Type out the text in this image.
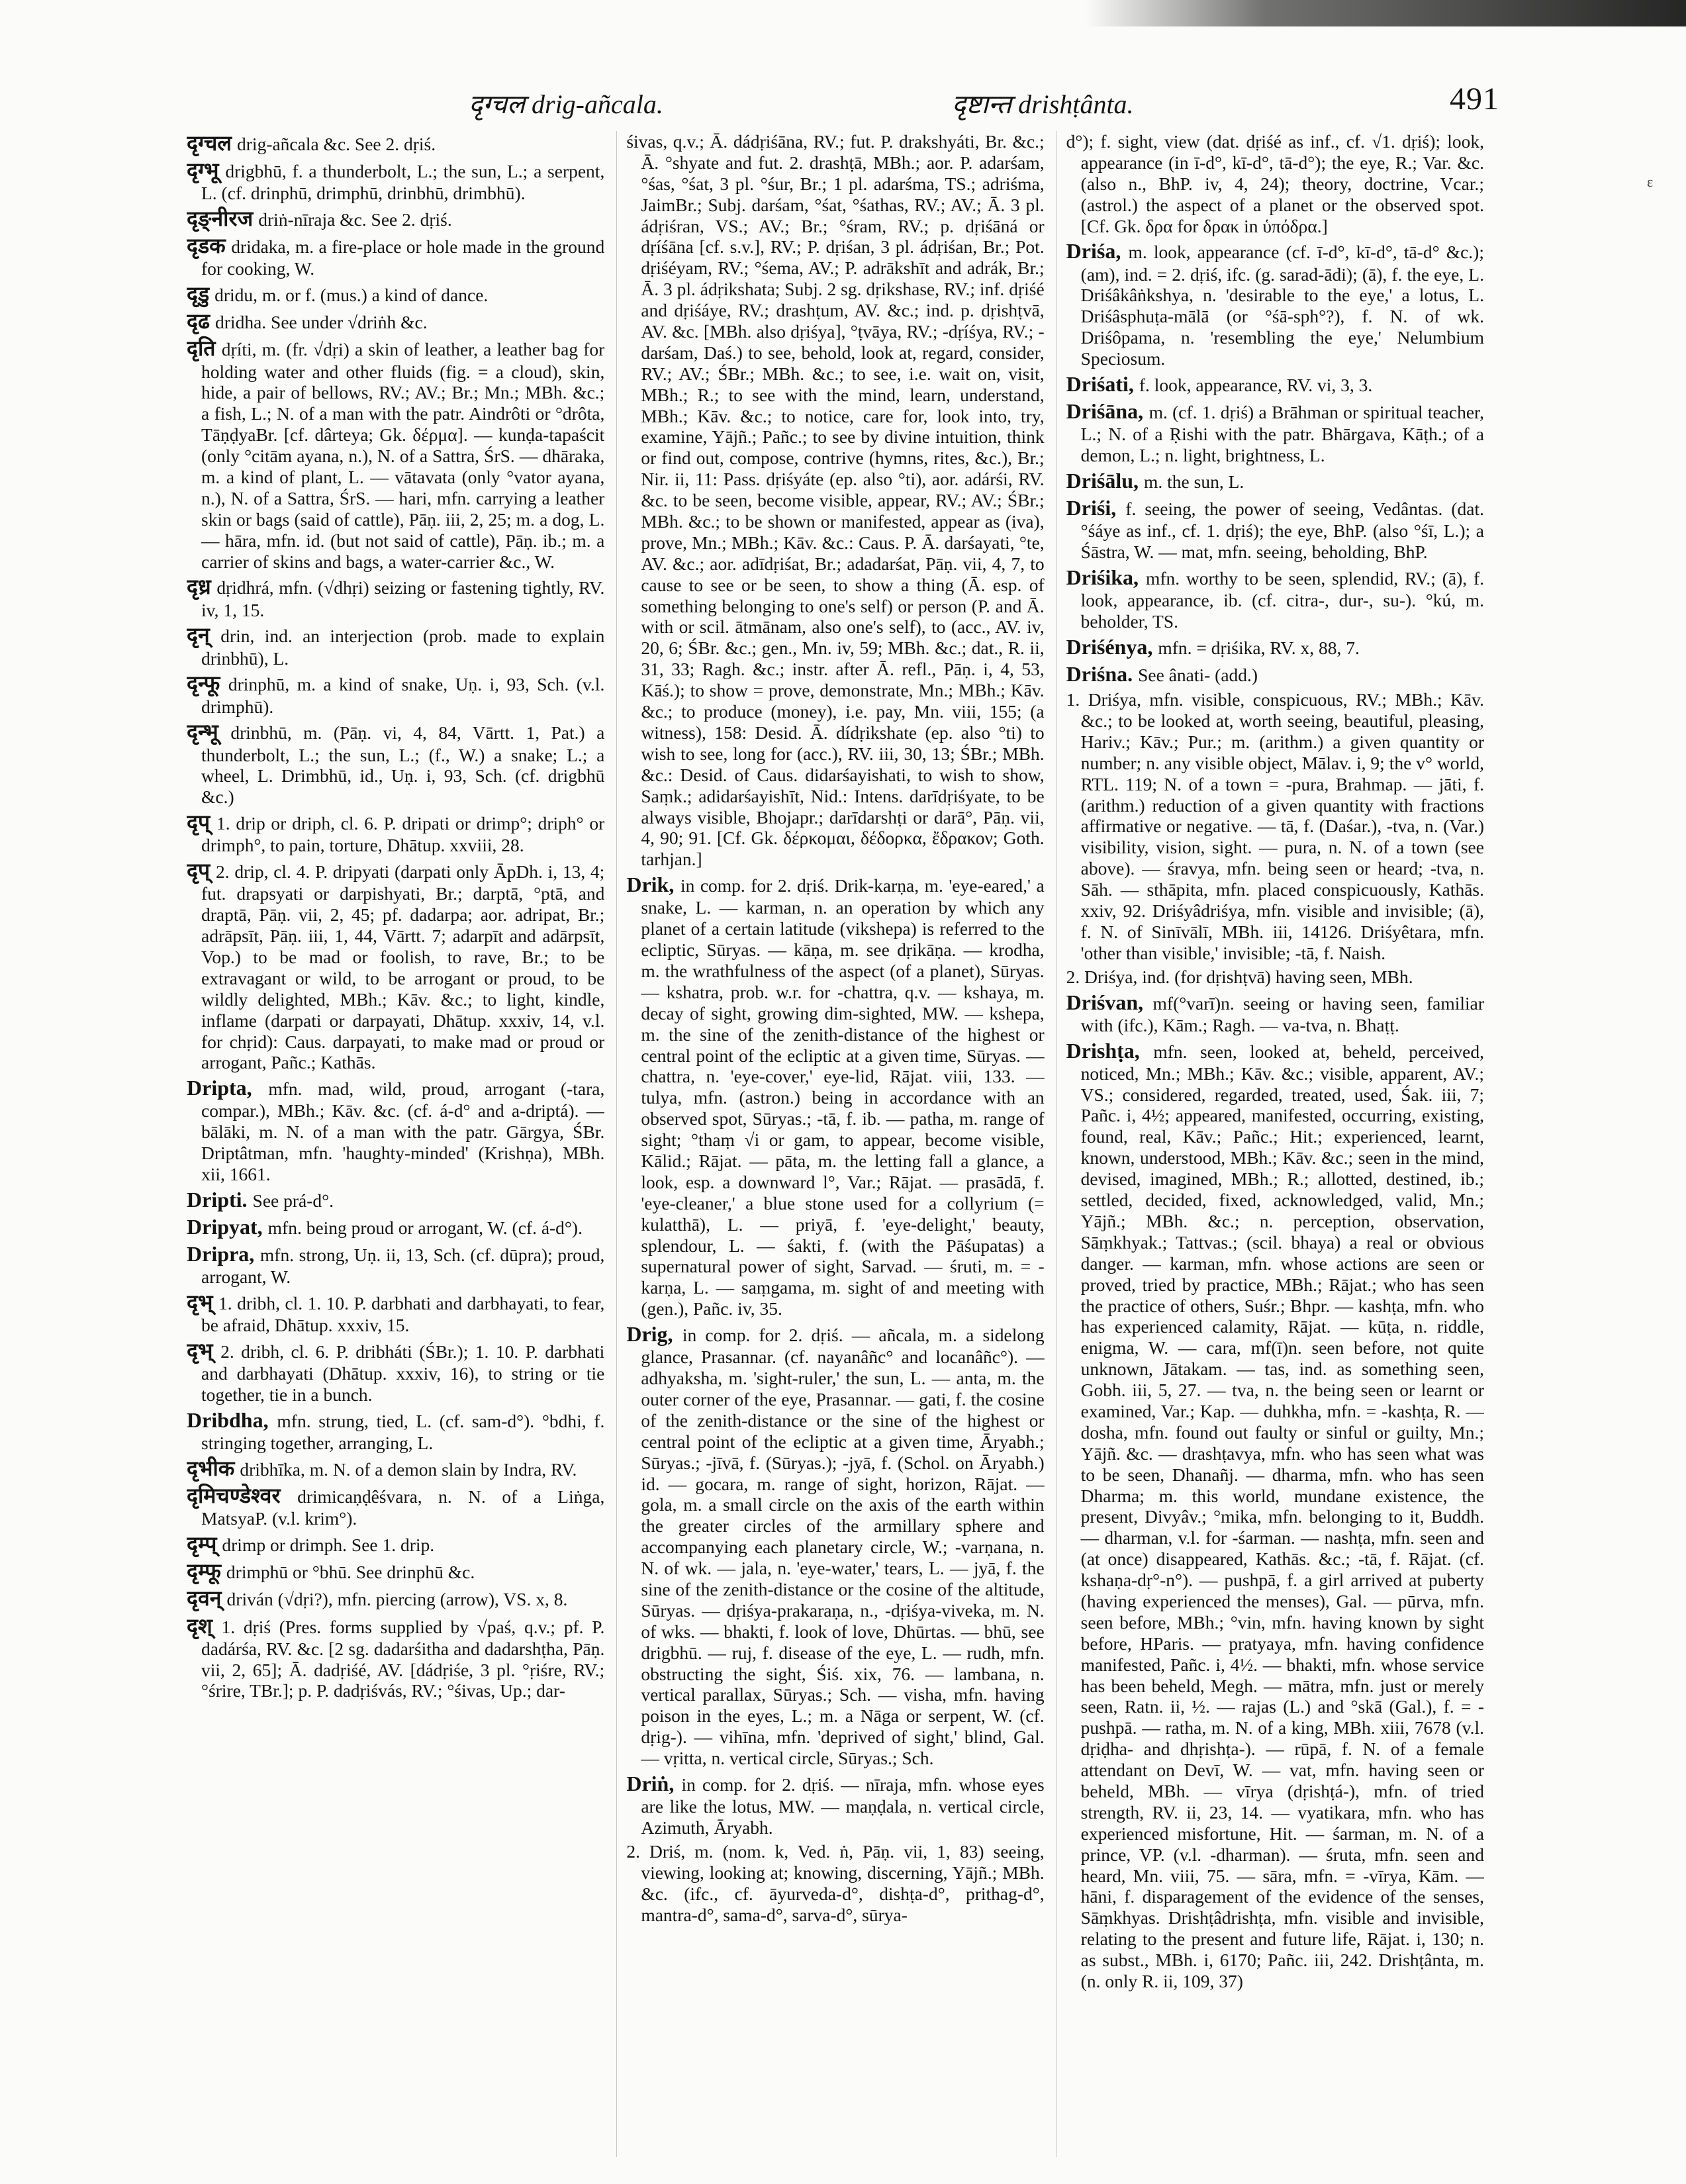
ɛ
दृग्चल drig-añcala.	दृष्टान्त drishṭânta.	491

दृग्चल drig-añcala &c. See 2. dṛiś.

दृग्भू drigbhū, f. a thunderbolt, L.; the sun, L.; a serpent, L. (cf. drinphū, drimphū, drinbhū, drimbhū).

दृङ्नीरज driṅ-nīraja &c. See 2. dṛiś.

दृडक dridaka, m. a fire-place or hole made in the ground for cooking, W.

दृडु dridu, m. or f. (mus.) a kind of dance.

दृढ dridha. See under √driṅh &c.

दृति dṛíti, m. (fr. √dṛi) a skin of leather, a leather bag for holding water and other fluids (fig. = a cloud), skin, hide, a pair of bellows, RV.; AV.; Br.; Mn.; MBh. &c.; a fish, L.; N. of a man with the patr. Aindrôti or °drôta, TāṇḍyaBr. [cf. dârteya; Gk. δέρμα]. — kunḍa-tapaścit (only °citām ayana, n.), N. of a Sattra, ŚrS. — dhāraka, m. a kind of plant, L. — vātavata (only °vator ayana, n.), N. of a Sattra, ŚrS. — hari, mfn. carrying a leather skin or bags (said of cattle), Pāṇ. iii, 2, 25; m. a dog, L. — hāra, mfn. id. (but not said of cattle), Pāṇ. ib.; m. a carrier of skins and bags, a water-carrier &c., W.

दृध्र dṛidhrá, mfn. (√dhṛi) seizing or fastening tightly, RV. iv, 1, 15.

दृन् drin, ind. an interjection (prob. made to explain drinbhū), L.

दृन्फू drinphū, m. a kind of snake, Uṇ. i, 93, Sch. (v.l. drimphū).

दृन्भू drinbhū, m. (Pāṇ. vi, 4, 84, Vārtt. 1, Pat.) a thunderbolt, L.; the sun, L.; (f., W.) a snake; L.; a wheel, L. Drimbhū, id., Uṇ. i, 93, Sch. (cf. drigbhū &c.)

दृप् 1. drip or driph, cl. 6. P. dripati or drimp°; driph° or drimph°, to pain, torture, Dhātup. xxviii, 28.

दृप् 2. drip, cl. 4. P. dripyati (darpati only ĀpDh. i, 13, 4; fut. drapsyati or darpishyati, Br.; darptā, °ptā, and draptā, Pāṇ. vii, 2, 45; pf. dadarpa; aor. adripat, Br.; adrāpsīt, Pāṇ. iii, 1, 44, Vārtt. 7; adarpīt and adārpsīt, Vop.) to be mad or foolish, to rave, Br.; to be extravagant or wild, to be arrogant or proud, to be wildly delighted, MBh.; Kāv. &c.; to light, kindle, inflame (darpati or darpayati, Dhātup. xxxiv, 14, v.l. for chṛid): Caus. darpayati, to make mad or proud or arrogant, Pañc.; Kathās.

Dripta, mfn. mad, wild, proud, arrogant (-tara, compar.), MBh.; Kāv. &c. (cf. á-d° and a-driptá). — bālāki, m. N. of a man with the patr. Gārgya, ŚBr. Driptâtman, mfn. 'haughty-minded' (Krishṇa), MBh. xii, 1661.

Dripti. See prá-d°.

Dripyat, mfn. being proud or arrogant, W. (cf. á-d°).

Dripra, mfn. strong, Uṇ. ii, 13, Sch. (cf. dūpra); proud, arrogant, W.

दृभ् 1. dribh, cl. 1. 10. P. darbhati and darbhayati, to fear, be afraid, Dhātup. xxxiv, 15.

दृभ् 2. dribh, cl. 6. P. dribháti (ŚBr.); 1. 10. P. darbhati and darbhayati (Dhātup. xxxiv, 16), to string or tie together, tie in a bunch.

Dribdha, mfn. strung, tied, L. (cf. sam-d°). °bdhi, f. stringing together, arranging, L.

दृभीक dribhīka, m. N. of a demon slain by Indra, RV.

दृमिचण्डेश्वर drimicaṇḍêśvara, n. N. of a Liṅga, MatsyaP. (v.l. krim°).

दृम्प् drimp or drimph. See 1. drip.

दृम्फू drimphū or °bhū. See drinphū &c.

दृवन् driván (√dṛi?), mfn. piercing (arrow), VS. x, 8.

दृश् 1. dṛiś (Pres. forms supplied by √paś, q.v.; pf. P. dadárśa, RV. &c. [2 sg. dadarśitha and dadarshṭha, Pāṇ. vii, 2, 65]; Ā. dadṛiśé, AV. [dádṛiśe, 3 pl. °ṛiśre, RV.; °śrire, TBr.]; p. P. dadṛiśvás, RV.; °śivas, Up.; dar-

śivas, q.v.; Ā. dádṛiśāna, RV.; fut. P. drakshyáti, Br. &c.; Ā. °shyate and fut. 2. drashṭā, MBh.; aor. P. adarśam, °śas, °śat, 3 pl. °śur, Br.; 1 pl. adarśma, TS.; adriśma, JaimBr.; Subj. darśam, °śat, °śathas, RV.; AV.; Ā. 3 pl. ádṛiśran, VS.; AV.; Br.; °śram, RV.; p. dṛiśāná or dṛíśāna [cf. s.v.], RV.; P. dṛiśan, 3 pl. ádṛiśan, Br.; Pot. dṛiśéyam, RV.; °śema, AV.; P. adrākshīt and adrák, Br.; Ā. 3 pl. ádṛikshata; Subj. 2 sg. dṛikshase, RV.; inf. dṛiśé and dṛiśáye, RV.; drashṭum, AV. &c.; ind. p. dṛishṭvā, AV. &c. [MBh. also dṛiśya], °ṭvāya, RV.; -dṛíśya, RV.; -darśam, Daś.) to see, behold, look at, regard, consider, RV.; AV.; ŚBr.; MBh. &c.; to see, i.e. wait on, visit, MBh.; R.; to see with the mind, learn, understand, MBh.; Kāv. &c.; to notice, care for, look into, try, examine, Yājñ.; Pañc.; to see by divine intuition, think or find out, compose, contrive (hymns, rites, &c.), Br.; Nir. ii, 11: Pass. dṛiśyáte (ep. also °ti), aor. adárśi, RV. &c. to be seen, become visible, appear, RV.; AV.; ŚBr.; MBh. &c.; to be shown or manifested, appear as (iva), prove, Mn.; MBh.; Kāv. &c.: Caus. P. Ā. darśayati, °te, AV. &c.; aor. adīdṛiśat, Br.; adadarśat, Pāṇ. vii, 4, 7, to cause to see or be seen, to show a thing (Ā. esp. of something belonging to one's self) or person (P. and Ā. with or scil. ātmānam, also one's self), to (acc., AV. iv, 20, 6; ŚBr. &c.; gen., Mn. iv, 59; MBh. &c.; dat., R. ii, 31, 33; Ragh. &c.; instr. after Ā. refl., Pāṇ. i, 4, 53, Kāś.); to show = prove, demonstrate, Mn.; MBh.; Kāv. &c.; to produce (money), i.e. pay, Mn. viii, 155; (a witness), 158: Desid. Ā. dídṛikshate (ep. also °ti) to wish to see, long for (acc.), RV. iii, 30, 13; ŚBr.; MBh. &c.: Desid. of Caus. didarśayishati, to wish to show, Saṃk.; adidarśayishīt, Nid.: Intens. darīdṛiśyate, to be always visible, Bhojapr.; darīdarshṭi or darā°, Pāṇ. vii, 4, 90; 91. [Cf. Gk. δέρκομαι, δέδορκα, ἔδρακον; Goth. tarhjan.]

Drik, in comp. for 2. dṛiś. Drik-karṇa, m. 'eye-eared,' a snake, L. — karman, n. an operation by which any planet of a certain latitude (vikshepa) is referred to the ecliptic, Sūryas. — kāṇa, m. see dṛikāṇa. — krodha, m. the wrathfulness of the aspect (of a planet), Sūryas. — kshatra, prob. w.r. for -chattra, q.v. — kshaya, m. decay of sight, growing dim-sighted, MW. — kshepa, m. the sine of the zenith-distance of the highest or central point of the ecliptic at a given time, Sūryas. — chattra, n. 'eye-cover,' eye-lid, Rājat. viii, 133. — tulya, mfn. (astron.) being in accordance with an observed spot, Sūryas.; -tā, f. ib. — patha, m. range of sight; °thaṃ √i or gam, to appear, become visible, Kālid.; Rājat. — pāta, m. the letting fall a glance, a look, esp. a downward l°, Var.; Rājat. — prasādā, f. 'eye-cleaner,' a blue stone used for a collyrium (= kulatthā), L. — priyā, f. 'eye-delight,' beauty, splendour, L. — śakti, f. (with the Pāśupatas) a supernatural power of sight, Sarvad. — śruti, m. = -karṇa, L. — saṃgama, m. sight of and meeting with (gen.), Pañc. iv, 35.

Drig, in comp. for 2. dṛiś. — añcala, m. a sidelong glance, Prasannar. (cf. nayanâñc° and locanâñc°). — adhyaksha, m. 'sight-ruler,' the sun, L. — anta, m. the outer corner of the eye, Prasannar. — gati, f. the cosine of the zenith-distance or the sine of the highest or central point of the ecliptic at a given time, Āryabh.; Sūryas.; -jīvā, f. (Sūryas.); -jyā, f. (Schol. on Āryabh.) id. — gocara, m. range of sight, horizon, Rājat. — gola, m. a small circle on the axis of the earth within the greater circles of the armillary sphere and accompanying each planetary circle, W.; -varṇana, n. N. of wk. — jala, n. 'eye-water,' tears, L. — jyā, f. the sine of the zenith-distance or the cosine of the altitude, Sūryas. — dṛiśya-prakaraṇa, n., -dṛiśya-viveka, m. N. of wks. — bhakti, f. look of love, Dhūrtas. — bhū, see drigbhū. — ruj, f. disease of the eye, L. — rudh, mfn. obstructing the sight, Śiś. xix, 76. — lambana, n. vertical parallax, Sūryas.; Sch. — visha, mfn. having poison in the eyes, L.; m. a Nāga or serpent, W. (cf. dṛig-). — vihīna, mfn. 'deprived of sight,' blind, Gal. — vṛitta, n. vertical circle, Sūryas.; Sch.

Driṅ, in comp. for 2. dṛiś. — nīraja, mfn. whose eyes are like the lotus, MW. — maṇḍala, n. vertical circle, Azimuth, Āryabh.

2. Driś, m. (nom. k, Ved. ṅ, Pāṇ. vii, 1, 83) seeing, viewing, looking at; knowing, discerning, Yājñ.; MBh. &c. (ifc., cf. āyurveda-d°, dishṭa-d°, prithag-d°, mantra-d°, sama-d°, sarva-d°, sūrya-

d°); f. sight, view (dat. dṛiśé as inf., cf. √1. dṛiś); look, appearance (in ī-d°, kī-d°, tā-d°); the eye, R.; Var. &c. (also n., BhP. iv, 4, 24); theory, doctrine, Vcar.; (astrol.) the aspect of a planet or the observed spot. [Cf. Gk. δρα for δρακ in ὑπόδρα.]

Driśa, m. look, appearance (cf. ī-d°, kī-d°, tā-d° &c.); (am), ind. = 2. dṛiś, ifc. (g. sarad-ādi); (ā), f. the eye, L. Driśâkâṅkshya, n. 'desirable to the eye,' a lotus, L. Driśâsphuṭa-mālā (or °śā-sph°?), f. N. of wk. Driśôpama, n. 'resembling the eye,' Nelumbium Speciosum.

Driśati, f. look, appearance, RV. vi, 3, 3.

Driśāna, m. (cf. 1. dṛiś) a Brāhman or spiritual teacher, L.; N. of a Ṛishi with the patr. Bhārgava, Kāṭh.; of a demon, L.; n. light, brightness, L.

Driśālu, m. the sun, L.

Driśi, f. seeing, the power of seeing, Vedântas. (dat. °śáye as inf., cf. 1. dṛiś); the eye, BhP. (also °śī, L.); a Śāstra, W. — mat, mfn. seeing, beholding, BhP.

Driśika, mfn. worthy to be seen, splendid, RV.; (ā), f. look, appearance, ib. (cf. citra-, dur-, su-). °kú, m. beholder, TS.

Driśénya, mfn. = dṛiśika, RV. x, 88, 7.

Driśna. See ânati- (add.)

1. Driśya, mfn. visible, conspicuous, RV.; MBh.; Kāv. &c.; to be looked at, worth seeing, beautiful, pleasing, Hariv.; Kāv.; Pur.; m. (arithm.) a given quantity or number; n. any visible object, Mālav. i, 9; the v° world, RTL. 119; N. of a town = -pura, Brahmap. — jāti, f. (arithm.) reduction of a given quantity with fractions affirmative or negative. — tā, f. (Daśar.), -tva, n. (Var.) visibility, vision, sight. — pura, n. N. of a town (see above). — śravya, mfn. being seen or heard; -tva, n. Sāh. — sthāpita, mfn. placed conspicuously, Kathās. xxiv, 92. Driśyâdriśya, mfn. visible and invisible; (ā), f. N. of Sinīvālī, MBh. iii, 14126. Driśyêtara, mfn. 'other than visible,' invisible; -tā, f. Naish.

2. Driśya, ind. (for dṛishṭvā) having seen, MBh.

Driśvan, mf(°varī)n. seeing or having seen, familiar with (ifc.), Kām.; Ragh. — va-tva, n. Bhaṭṭ.

Drishṭa, mfn. seen, looked at, beheld, perceived, noticed, Mn.; MBh.; Kāv. &c.; visible, apparent, AV.; VS.; considered, regarded, treated, used, Śak. iii, 7; Pañc. i, 4½; appeared, manifested, occurring, existing, found, real, Kāv.; Pañc.; Hit.; experienced, learnt, known, understood, MBh.; Kāv. &c.; seen in the mind, devised, imagined, MBh.; R.; allotted, destined, ib.; settled, decided, fixed, acknowledged, valid, Mn.; Yājñ.; MBh. &c.; n. perception, observation, Sāṃkhyak.; Tattvas.; (scil. bhaya) a real or obvious danger. — karman, mfn. whose actions are seen or proved, tried by practice, MBh.; Rājat.; who has seen the practice of others, Suśr.; Bhpr. — kashṭa, mfn. who has experienced calamity, Rājat. — kūṭa, n. riddle, enigma, W. — cara, mf(ī)n. seen before, not quite unknown, Jātakam. — tas, ind. as something seen, Gobh. iii, 5, 27. — tva, n. the being seen or learnt or examined, Var.; Kap. — duhkha, mfn. = -kashṭa, R. — dosha, mfn. found out faulty or sinful or guilty, Mn.; Yājñ. &c. — drashṭavya, mfn. who has seen what was to be seen, Dhanañj. — dharma, mfn. who has seen Dharma; m. this world, mundane existence, the present, Divyâv.; °mika, mfn. belonging to it, Buddh. — dharman, v.l. for -śarman. — nashṭa, mfn. seen and (at once) disappeared, Kathās. &c.; -tā, f. Rājat. (cf. kshaṇa-dṛ°-n°). — pushpā, f. a girl arrived at puberty (having experienced the menses), Gal. — pūrva, mfn. seen before, MBh.; °vin, mfn. having known by sight before, HParis. — pratyaya, mfn. having confidence manifested, Pañc. i, 4½. — bhakti, mfn. whose service has been beheld, Megh. — mātra, mfn. just or merely seen, Ratn. ii, ½. — rajas (L.) and °skā (Gal.), f. = -pushpā. — ratha, m. N. of a king, MBh. xiii, 7678 (v.l. dṛiḍha- and dhṛishṭa-). — rūpā, f. N. of a female attendant on Devī, W. — vat, mfn. having seen or beheld, MBh. — vīrya (dṛishṭá-), mfn. of tried strength, RV. ii, 23, 14. — vyatikara, mfn. who has experienced misfortune, Hit. — śarman, m. N. of a prince, VP. (v.l. -dharman). — śruta, mfn. seen and heard, Mn. viii, 75. — sāra, mfn. = -vīrya, Kām. — hāni, f. disparagement of the evidence of the senses, Sāṃkhyas. Drishṭâdrishṭa, mfn. visible and invisible, relating to the present and future life, Rājat. i, 130; n. as subst., MBh. i, 6170; Pañc. iii, 242. Drishṭânta, m. (n. only R. ii, 109, 37)
